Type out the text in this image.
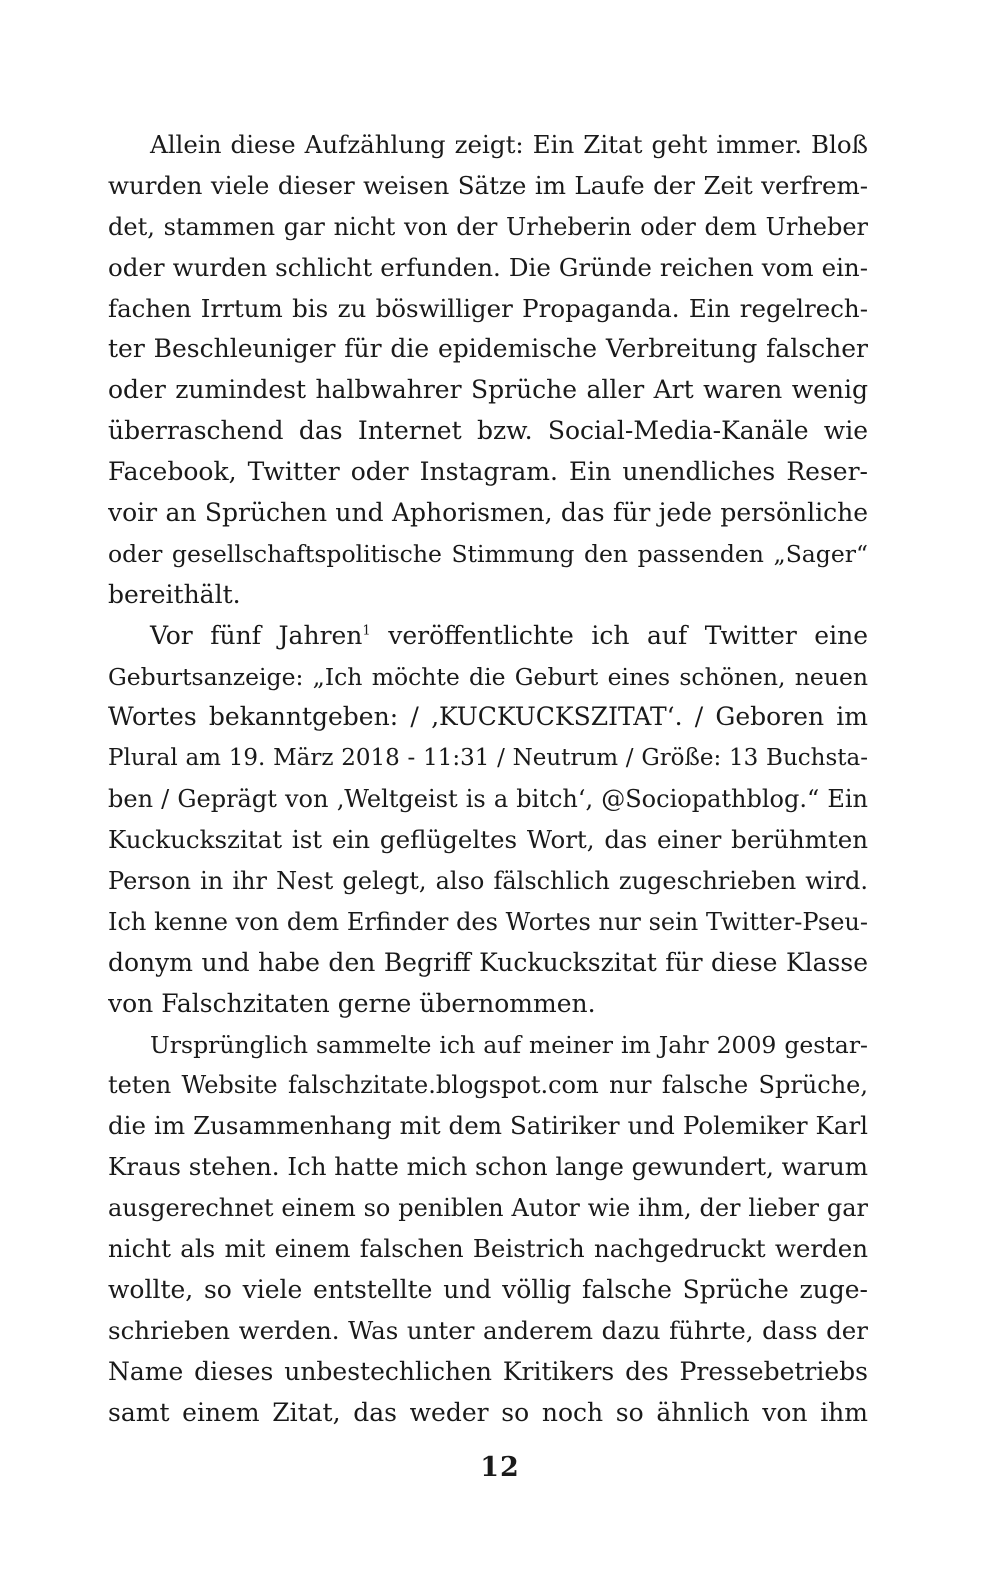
Allein diese Aufzählung zeigt: Ein Zitat geht immer. Bloß
wurden viele dieser weisen Sätze im Laufe der Zeit verfrem-
det, stammen gar nicht von der Urheberin oder dem Urheber
oder wurden schlicht erfunden. Die Gründe reichen vom ein-
fachen Irrtum bis zu böswilliger Propaganda. Ein regelrech-
ter Beschleuniger für die epidemische Verbreitung falscher
oder zumindest halbwahrer Sprüche aller Art waren wenig
überraschend das Internet bzw. Social-Media-Kanäle wie
Facebook, Twitter oder Instagram. Ein unendliches Reser-
voir an Sprüchen und Aphorismen, das für jede persönliche
oder gesellschaftspolitische Stimmung den passenden „Sager“
bereithält.
Vor fünf Jahren$^1$ veröffentlichte ich auf Twitter eine
Geburtsanzeige: „Ich möchte die Geburt eines schönen, neuen
Wortes bekanntgeben: / ‚KUCKUCKSZITAT‘. / Geboren im
Plural am 19. März 2018 - 11:31 / Neutrum / Größe: 13 Buchsta-
ben / Geprägt von ‚Weltgeist is a bitch‘, @Sociopathblog.“ Ein
Kuckuckszitat ist ein geflügeltes Wort, das einer berühmten
Person in ihr Nest gelegt, also fälschlich zugeschrieben wird.
Ich kenne von dem Erfinder des Wortes nur sein Twitter-Pseu-
donym und habe den Begriff Kuckuckszitat für diese Klasse
von Falschzitaten gerne übernommen.
Ursprünglich sammelte ich auf meiner im Jahr 2009 gestar-
teten Website falschzitate.blogspot.com nur falsche Sprüche,
die im Zusammenhang mit dem Satiriker und Polemiker Karl
Kraus stehen. Ich hatte mich schon lange gewundert, warum
ausgerechnet einem so peniblen Autor wie ihm, der lieber gar
nicht als mit einem falschen Beistrich nachgedruckt werden
wollte, so viele entstellte und völlig falsche Sprüche zuge-
schrieben werden. Was unter anderem dazu führte, dass der
Name dieses unbestechlichen Kritikers des Pressebetriebs
samt einem Zitat, das weder so noch so ähnlich von ihm
12
